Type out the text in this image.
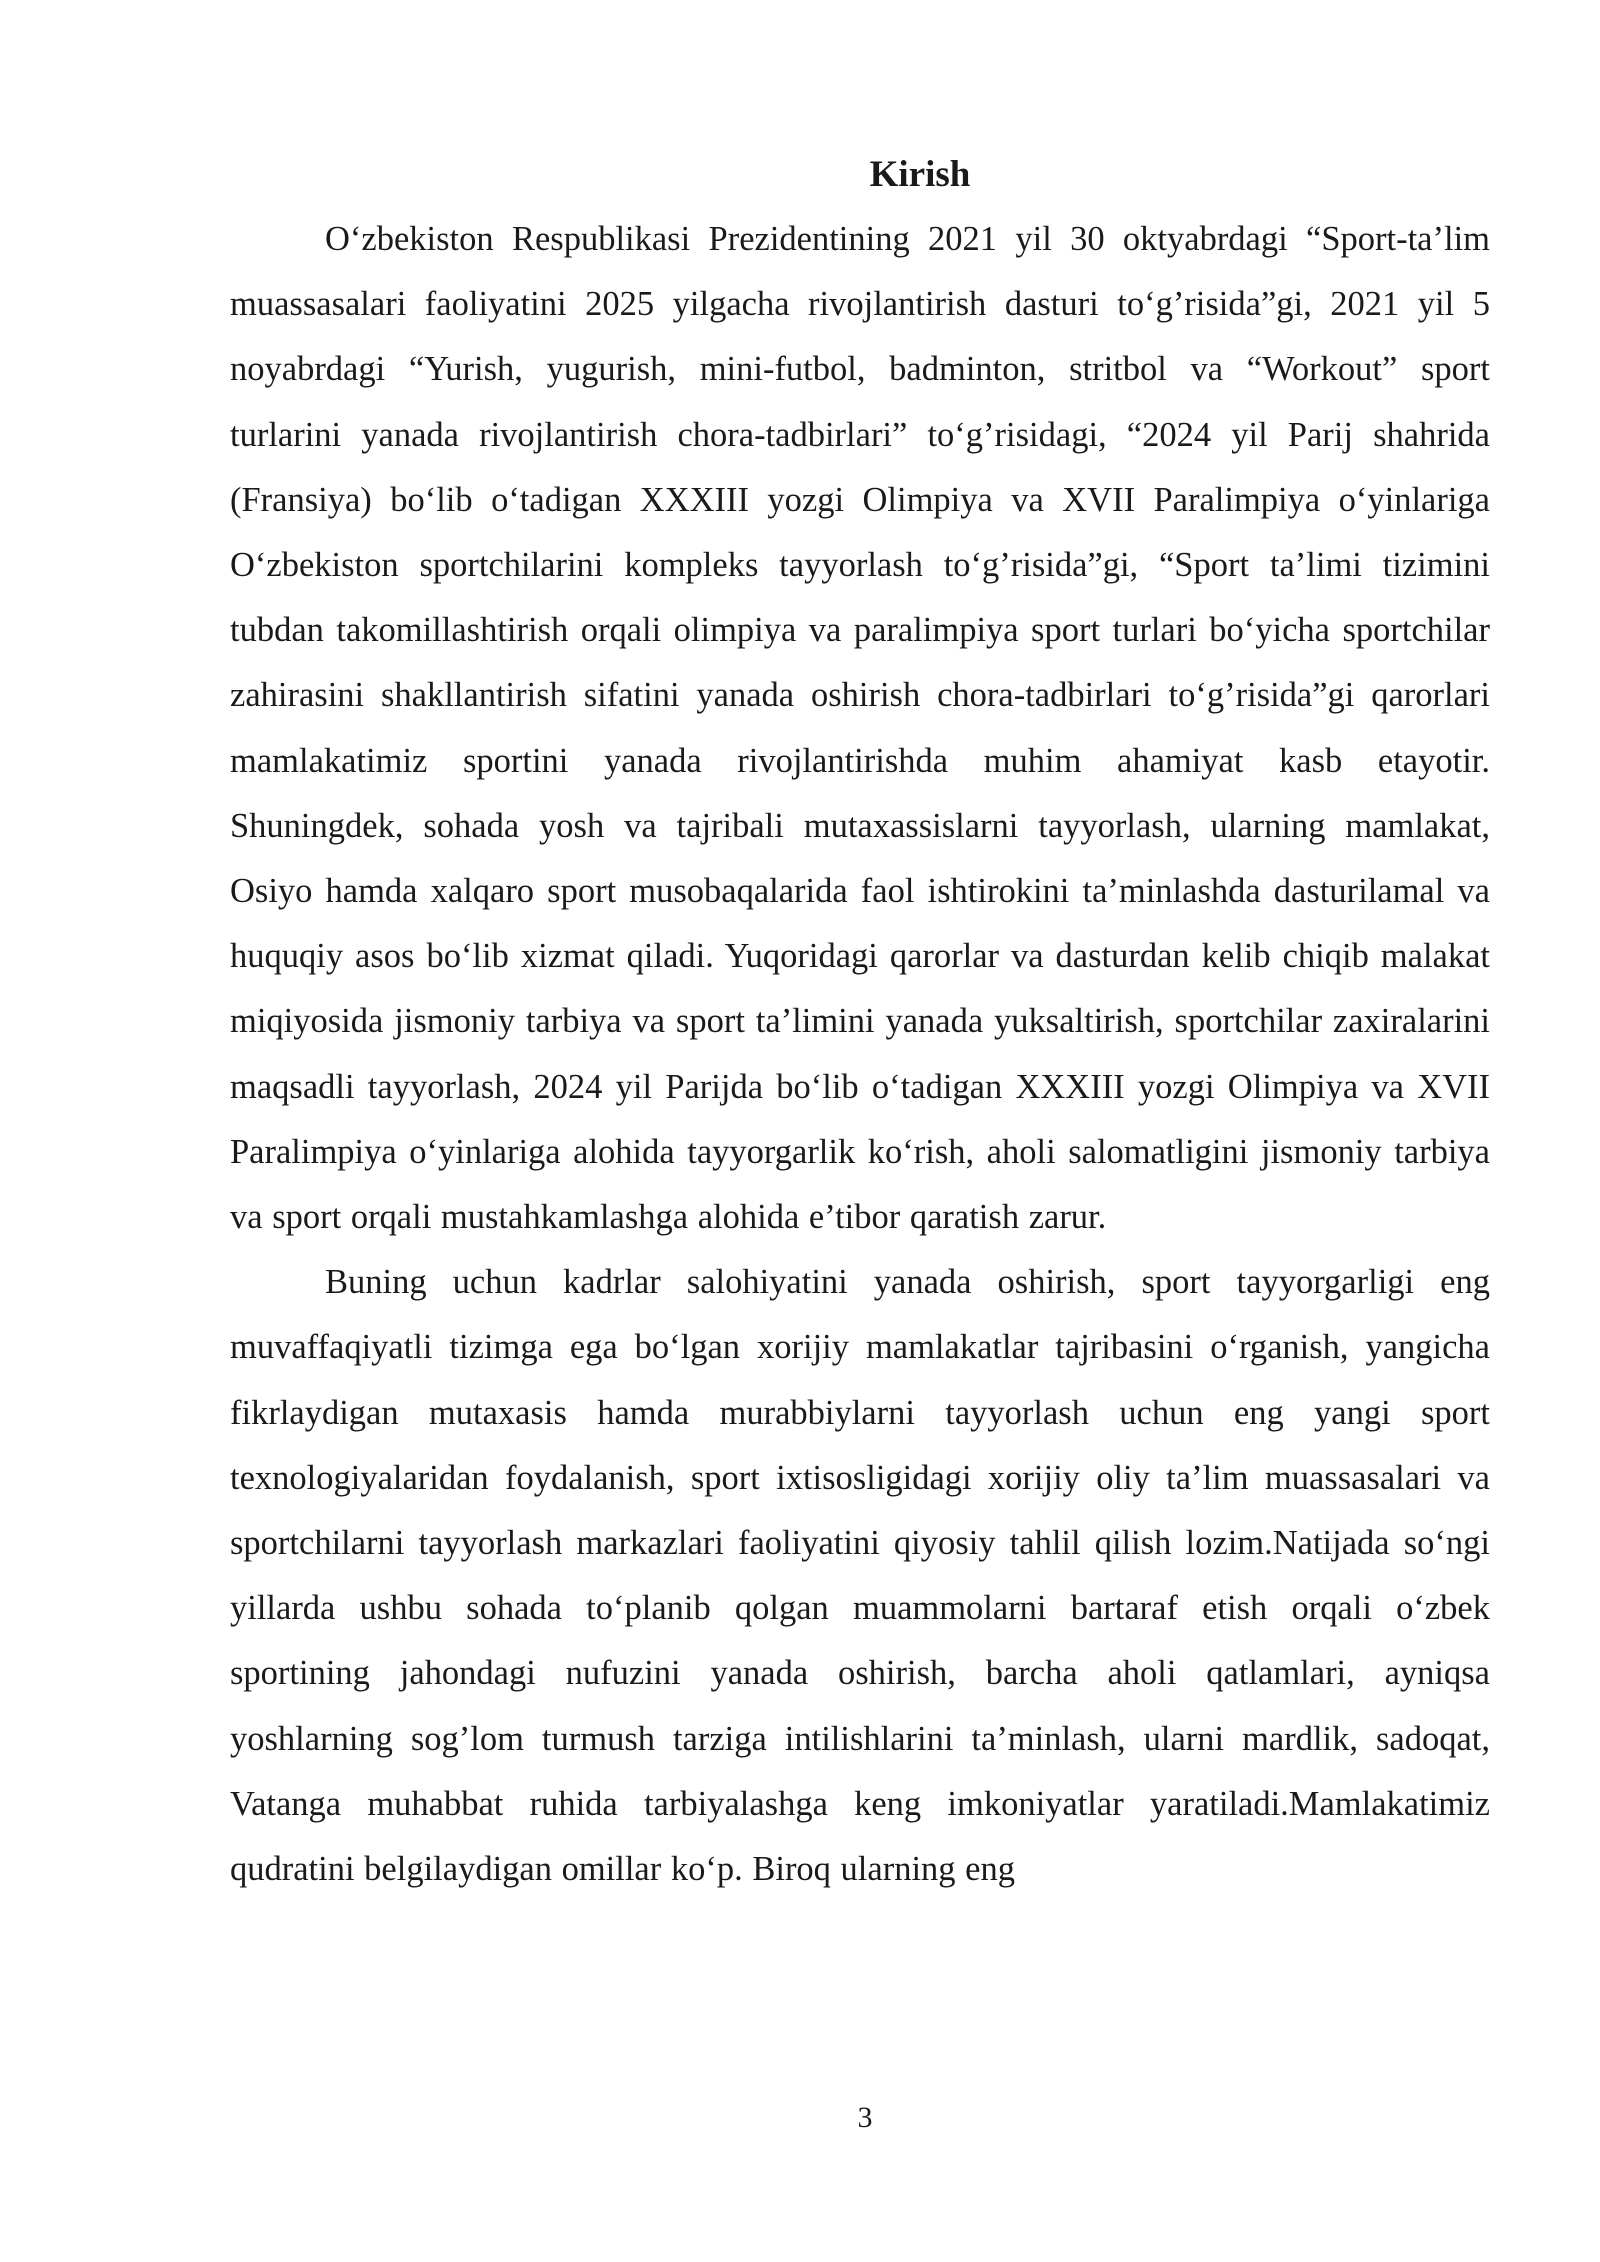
Kirish

O‘zbekiston Respublikasi Prezidentining 2021 yil 30 oktyabrdagi “Sport-ta’lim muassasalari faoliyatini 2025 yilgacha rivojlantirish dasturi to‘g’risida”gi, 2021 yil 5 noyabrdagi “Yurish, yugurish, mini-futbol, badminton, stritbol va “Workout” sport turlarini yanada rivojlantirish chora-tadbirlari” to‘g’risidagi, “2024 yil Parij shahrida (Fransiya) bo‘lib o‘tadigan XXXIII yozgi Olimpiya va XVII Paralimpiya o‘yinlariga O‘zbekiston sportchilarini kompleks tayyorlash to‘g’risida”gi, “Sport ta’limi tizimini tubdan takomillashtirish orqali olimpiya va paralimpiya sport turlari bo‘yicha sportchilar zahirasini shakllantirish sifatini yanada oshirish chora-tadbirlari to‘g’risida”gi qarorlari mamlakatimiz sportini yanada rivojlantirishda muhim ahamiyat kasb etayotir. Shuningdek, sohada yosh va tajribali mutaxassislarni tayyorlash, ularning mamlakat, Osiyo hamda xalqaro sport musobaqalarida faol ishtirokini ta’minlashda dasturilamal va huquqiy asos bo‘lib xizmat qiladi. Yuqoridagi qarorlar va dasturdan kelib chiqib malakat miqiyosida jismoniy tarbiya va sport ta’limini yanada yuksaltirish, sportchilar zaxiralarini maqsadli tayyorlash, 2024 yil Parijda bo‘lib o‘tadigan XXXIII yozgi Olimpiya va XVII Paralimpiya o‘yinlariga alohida tayyorgarlik ko‘rish, aholi salomatligini jismoniy tarbiya va sport orqali mustahkamlashga alohida e’tibor qaratish zarur.

Buning uchun kadrlar salohiyatini yanada oshirish, sport tayyorgarligi eng muvaffaqiyatli tizimga ega bo‘lgan xorijiy mamlakatlar tajribasini o‘rganish, yangicha fikrlaydigan mutaxasis hamda murabbiylarni tayyorlash uchun eng yangi sport texnologiyalaridan foydalanish, sport ixtisosligidagi xorijiy oliy ta’lim muassasalari va sportchilarni tayyorlash markazlari faoliyatini qiyosiy tahlil qilish lozim.Natijada so‘ngi yillarda ushbu sohada to‘planib qolgan muammolarni bartaraf etish orqali o‘zbek sportining jahondagi nufuzini yanada oshirish, barcha aholi qatlamlari, ayniqsa yoshlarning sog’lom turmush tarziga intilishlarini ta’minlash, ularni mardlik, sadoqat, Vatanga muhabbat ruhida tarbiyalashga keng imkoniyatlar yaratiladi.Mamlakatimiz qudratini belgilaydigan omillar ko‘p. Biroq ularning eng

3
